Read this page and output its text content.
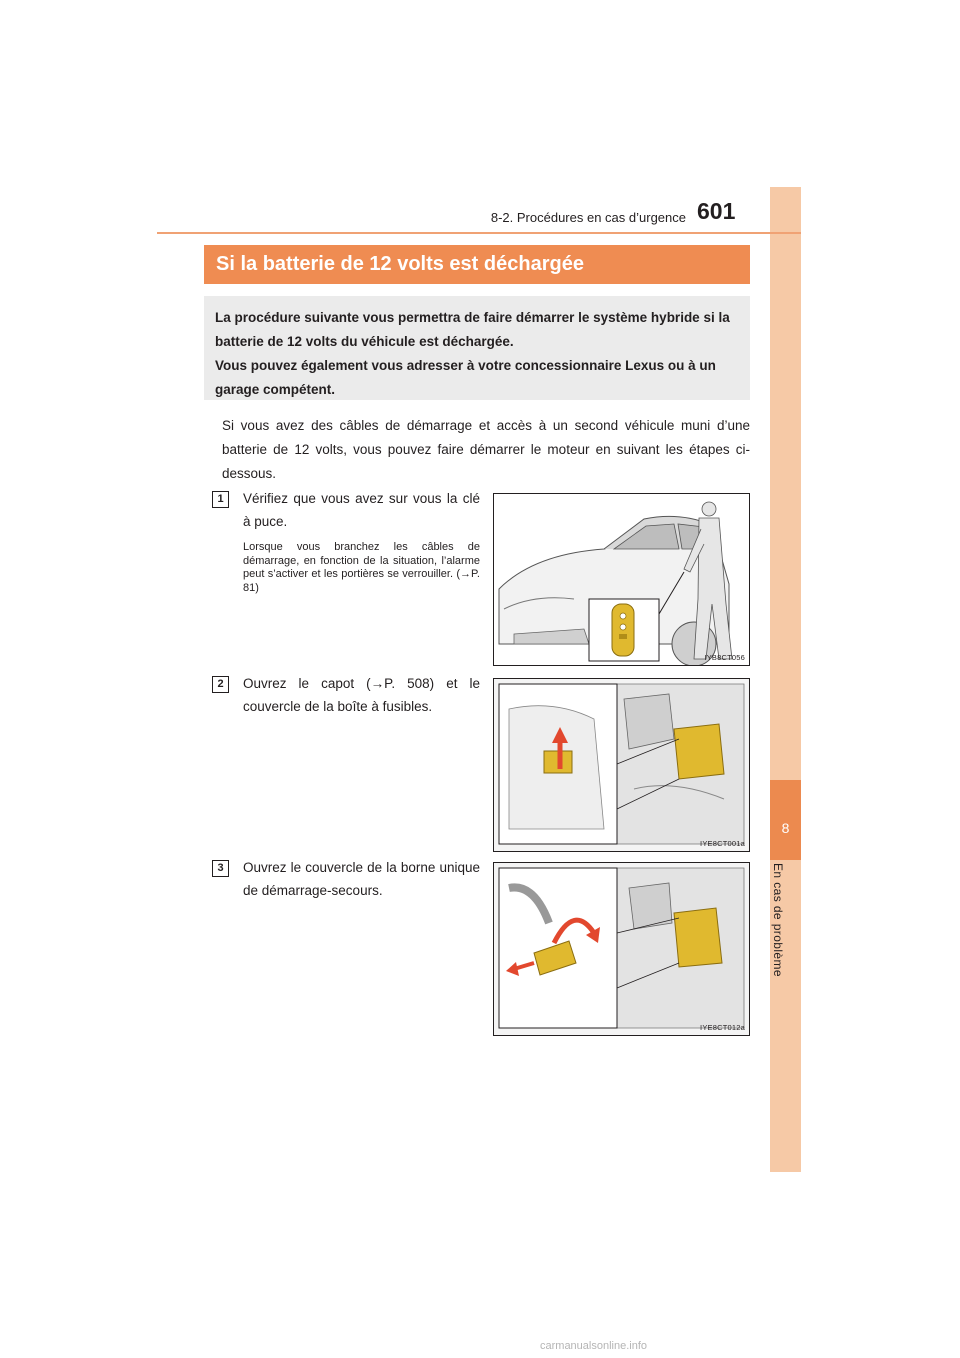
8
En cas de problème
8-2. Procédures en cas d’urgence 601
Si la batterie de 12 volts est déchargée
La procédure suivante vous permettra de faire démarrer le système hybride si la batterie de 12 volts du véhicule est déchargée.
Vous pouvez également vous adresser à votre concessionnaire Lexus ou à un garage compétent.
Si vous avez des câbles de démarrage et accès à un second véhicule muni d’une batterie de 12 volts, vous pouvez faire démarrer le moteur en suivant les étapes ci-dessous.
1	Vérifiez que vous avez sur vous la clé à puce.
Lorsque vous branchez les câbles de démarrage, en fonction de la situation, l’alarme peut s’activer et les portières se verrouiller. (→P. 81)
IYB8CT056
2	Ouvrez le capot (→P. 508) et le couvercle de la boîte à fusibles.
IYE8CT001a
3	Ouvrez le couvercle de la borne unique de démarrage-secours.
IYE8CT012a
carmanualsonline.info
